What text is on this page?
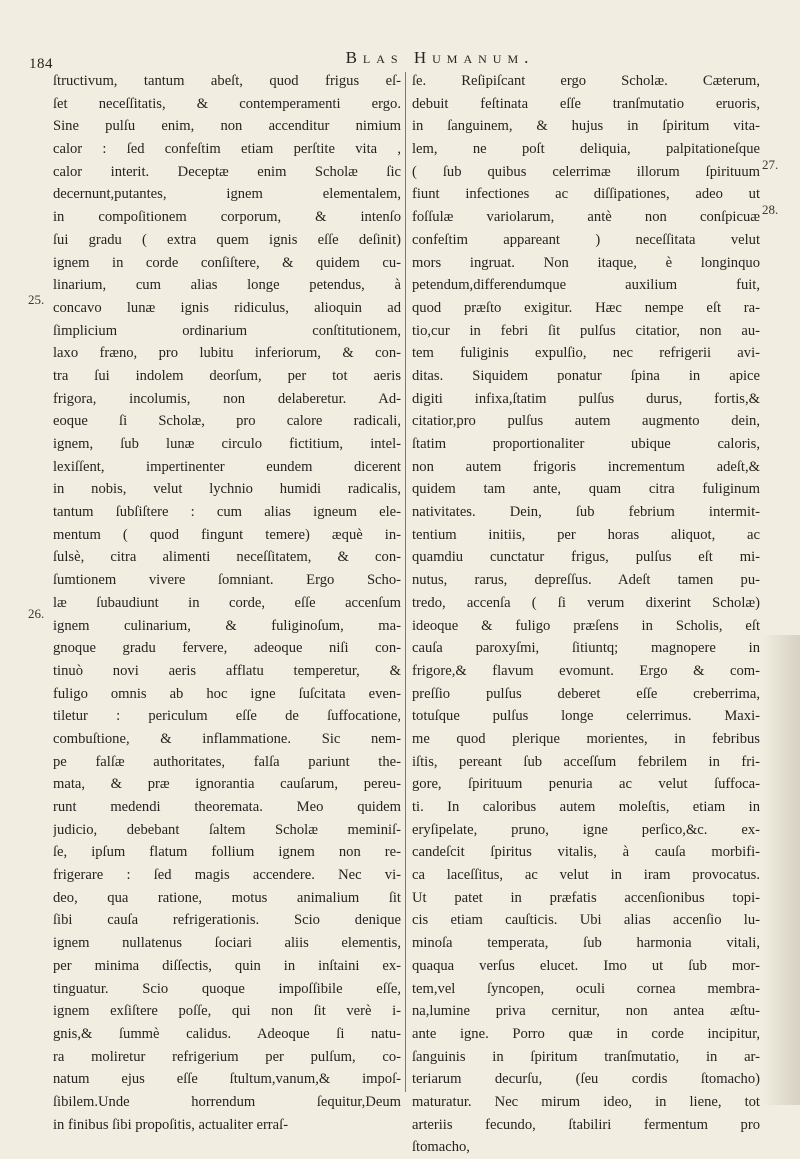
184	Blas Humanum.
25.
26.
27.
28.
ſtructivum, tantum abeſt, quod frigus eſ-
ſet neceſſitatis, & contemperamenti ergo.
Sine pulſu enim, non accenditur nimium
calor : ſed confeſtim etiam perſtite vita ,
calor interit. Deceptæ enim Scholæ ſic
decernunt,putantes, ignem elementalem,
in compoſitionem corporum, & intenſo
ſui gradu ( extra quem ignis eſſe deſinit)
ignem in corde conſiſtere, & quidem cu-
linarium, cum alias longe petendus, à
concavo lunæ ignis ridiculus, alioquin ad
ſimplicium ordinarium conſtitutionem,
laxo fræno, pro lubitu inferiorum, & con-
tra ſui indolem deorſum, per tot aeris
frigora, incolumis, non delaberetur. Ad-
eoque ſi Scholæ, pro calore radicali,
ignem, ſub lunæ circulo fictitium, intel-
lexiſſent, impertinenter eundem dicerent
in nobis, velut lychnio humidi radicalis,
tantum ſubſiſtere : cum alias igneum ele-
mentum ( quod fingunt temere) æquè in-
ſulsè, citra alimenti neceſſitatem, & con-
ſumtionem vivere ſomniant. Ergo Scho-
læ ſubaudiunt in corde, eſſe accenſum
ignem culinarium, & fuliginoſum, ma-
gnoque gradu fervere, adeoque niſi con-
tinuò novi aeris afflatu temperetur, &
fuligo omnis ab hoc igne ſuſcitata even-
tiletur : periculum eſſe de ſuffocatione,
combuſtione, & inflammatione. Sic nem-
pe falſæ authoritates, falſa pariunt the-
mata, & præ ignorantia cauſarum, pereu-
runt medendi theoremata. Meo quidem
judicio, debebant ſaltem Scholæ meminiſ-
ſe, ipſum flatum follium ignem non re-
frigerare : ſed magis accendere. Nec vi-
deo, qua ratione, motus animalium ſit
ſibi cauſa refrigerationis. Scio denique
ignem nullatenus ſociari aliis elementis,
per minima diſſectis, quin in inſtaini ex-
tinguatur. Scio quoque impoſſibile eſſe,
ignem exſiſtere poſſe, qui non ſit verè i-
gnis,& ſummè calidus. Adeoque ſi natu-
ra moliretur refrigerium per pulſum, co-
natum ejus eſſe ſtultum,vanum,& impoſ-
ſibilem.Unde horrendum ſequitur,Deum
in finibus ſibi propoſitis, actualiter erraſ-
ſe. Reſipiſcant ergo Scholæ. Cæterum,
debuit feſtinata eſſe tranſmutatio eruoris,
in ſanguinem, & hujus in ſpiritum vita-
lem, ne poſt deliquia, palpitationeſque
( ſub quibus celerrimæ illorum ſpirituum
fiunt infectiones ac diſſipationes, adeo ut
foſſulæ variolarum, antè non conſpicuæ
confeſtim appareant ) neceſſitata velut
mors ingruat. Non itaque, è longinquo
petendum,differendumque auxilium fuit,
quod præſto exigitur. Hæc nempe eſt ra-
tio,cur in febri ſit pulſus citatior, non au-
tem fuliginis expulſio, nec refrigerii avi-
ditas. Siquidem ponatur ſpina in apice
digiti infixa,ſtatim pulſus durus, fortis,&
citatior,pro pulſus autem augmento dein,
ſtatim proportionaliter ubique caloris,
non autem frigoris incrementum adeſt,&
quidem tam ante, quam citra fuliginum
nativitates. Dein, ſub febrium intermit-
tentium initiis, per horas aliquot, ac
quamdiu cunctatur frigus, pulſus eſt mi-
nutus, rarus, depreſſus. Adeſt tamen pu-
tredo, accenſa ( ſi verum dixerint Scholæ)
ideoque & fuligo præſens in Scholis, eſt
cauſa paroxyſmi, ſitiuntq; magnopere in
frigore,& flavum evomunt. Ergo & com-
preſſio pulſus deberet eſſe creberrima,
totuſque pulſus longe celerrimus. Maxi-
me quod plerique morientes, in febribus
iſtis, pereant ſub acceſſum febrilem in fri-
gore, ſpirituum penuria ac velut ſuffoca-
ti. In caloribus autem moleſtis, etiam in
eryſipelate, pruno, igne perſico,&c. ex-
candeſcit ſpiritus vitalis, à cauſa morbifi-
ca laceſſitus, ac velut in iram provocatus.
Ut patet in præfatis accenſionibus topi-
cis etiam cauſticis. Ubi alias accenſio lu-
minoſa temperata, ſub harmonia vitali,
quaqua verſus elucet. Imo ut ſub mor-
tem,vel ſyncopen, oculi cornea membra-
na,lumine priva cernitur, non antea æſtu-
ante igne. Porro quæ in corde incipitur,
ſanguinis in ſpiritum tranſmutatio, in ar-
teriarum decurſu, (ſeu cordis ſtomacho)
maturatur. Nec mirum ideo, in liene, tot
arteriis fecundo, ſtabiliri fermentum pro
ſtomacho,
